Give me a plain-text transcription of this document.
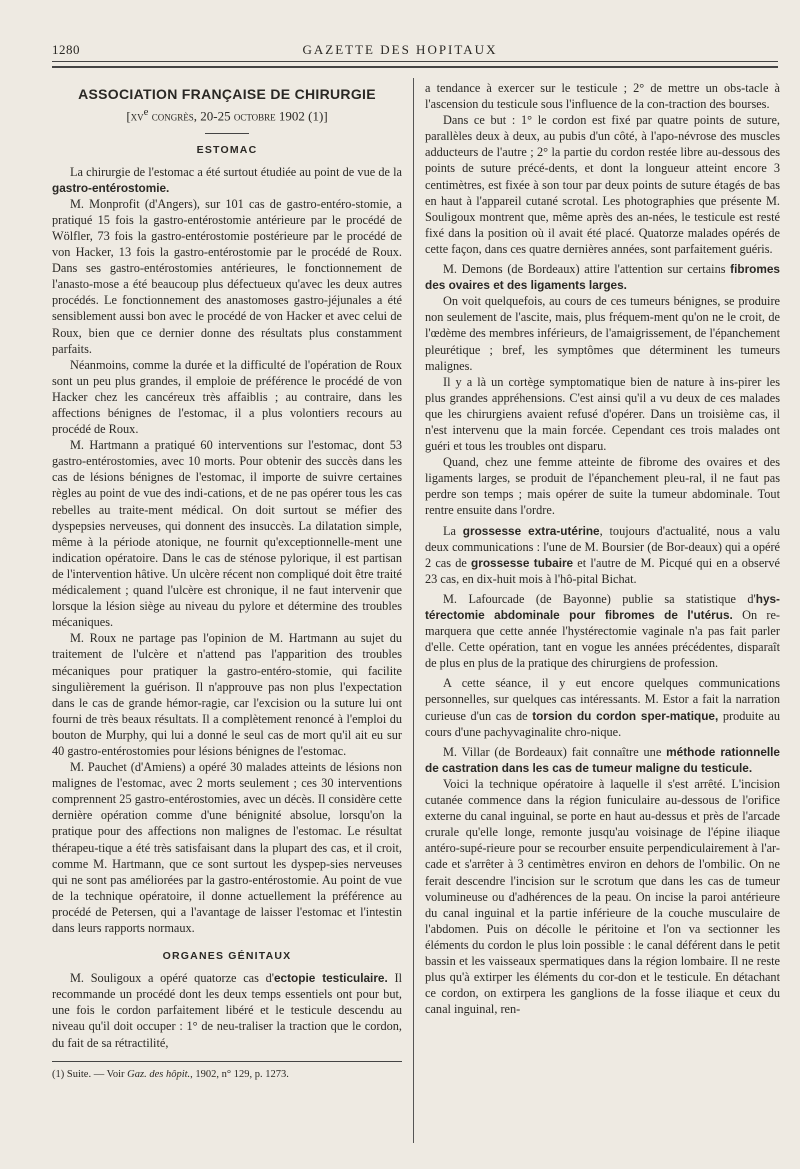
1280	GAZETTE DES HOPITAUX
ASSOCIATION FRANÇAISE DE CHIRURGIE
[$xv^e$ congrès, 20-25 octobre 1902 (1)]
ESTOMAC

La chirurgie de l'estomac a été surtout étudiée au point de vue de la gastro-entérostomie.

M. Monprofit (d'Angers), sur 101 cas de gastro-entéro-stomie, a pratiqué 15 fois la gastro-entérostomie antérieure par le procédé de Wölfler, 73 fois la gastro-entérostomie postérieure par le procédé de von Hacker, 13 fois la gastro-entérostomie par le procédé de Roux. Dans ses gastro-entérostomies antérieures, le fonctionnement de l'anasto-mose a été beaucoup plus défectueux qu'avec les deux autres procédés. Le fonctionnement des anastomoses gastro-jéjunales a été sensiblement aussi bon avec le procédé de von Hacker et avec celui de Roux, bien que ce dernier donne des résultats plus constamment parfaits.

Néanmoins, comme la durée et la difficulté de l'opération de Roux sont un peu plus grandes, il emploie de préférence le procédé de von Hacker chez les cancéreux très affaiblis ; au contraire, dans les affections bénignes de l'estomac, il a plus volontiers recours au procédé de Roux.

M. Hartmann a pratiqué 60 interventions sur l'estomac, dont 53 gastro-entérostomies, avec 10 morts. Pour obtenir des succès dans les cas de lésions bénignes de l'estomac, il importe de suivre certaines règles au point de vue des indi-cations, et de ne pas opérer tous les cas rebelles au traite-ment médical. On doit surtout se méfier des dyspepsies nerveuses, qui donnent des insuccès. La dilatation simple, même à la période atonique, ne fournit qu'exceptionnelle-ment une indication opératoire. Dans le cas de sténose pylorique, il est partisan de l'intervention hâtive. Un ulcère récent non compliqué doit être traité médicalement ; quand l'ulcère est chronique, il ne faut intervenir que lorsque la lésion siège au niveau du pylore et détermine des troubles mécaniques.

M. Roux ne partage pas l'opinion de M. Hartmann au sujet du traitement de l'ulcère et n'attend pas l'apparition des troubles mécaniques pour pratiquer la gastro-entéro-stomie, qui facilite singulièrement la guérison. Il n'approuve pas non plus l'expectation dans le cas de grande hémor-ragie, car l'excision ou la suture lui ont fourni de très beaux résultats. Il a complètement renoncé à l'emploi du bouton de Murphy, qui lui a donné le seul cas de mort qu'il ait eu sur 40 gastro-entérostomies pour lésions bénignes de l'estomac.

M. Pauchet (d'Amiens) a opéré 30 malades atteints de lésions non malignes de l'estomac, avec 2 morts seulement ; ces 30 interventions comprennent 25 gastro-entérostomies, avec un décès. Il considère cette dernière opération comme d'une bénignité absolue, lorsqu'on la pratique pour des affections non malignes de l'estomac. Le résultat thérapeu-tique a été très satisfaisant dans la plupart des cas, et il croit, comme M. Hartmann, que ce sont surtout les dyspep-sies nerveuses qui ne sont pas améliorées par la gastro-entérostomie. Au point de vue de la technique opératoire, il donne actuellement la préférence au procédé de Petersen, qui a l'avantage de laisser l'estomac et l'intestin dans leurs rapports normaux.

ORGANES GÉNITAUX

M. Souligoux a opéré quatorze cas d'ectopie testiculaire. Il recommande un procédé dont les deux temps essentiels ont pour but, une fois le cordon parfaitement libéré et le testicule descendu au niveau qu'il doit occuper : 1° de neu-traliser la traction que le cordon, du fait de sa rétractilité,

(1) Suite. — Voir Gaz. des hôpit., 1902, n° 129, p. 1273.

a tendance à exercer sur le testicule ; 2° de mettre un obs-tacle à l'ascension du testicule sous l'influence de la con-traction des bourses.

Dans ce but : 1° le cordon est fixé par quatre points de suture, parallèles deux à deux, au pubis d'un côté, à l'apo-névrose des muscles adducteurs de l'autre ; 2° la partie du cordon restée libre au-dessous des points de suture précé-dents, et dont la longueur atteint encore 3 centimètres, est fixée à son tour par deux points de suture étagés de bas en haut à l'appareil cutané scrotal. Les photographies que présente M. Souligoux montrent que, même après des an-nées, le testicule est resté fixé dans la position où il avait été placé. Quatorze malades opérés de cette façon, dans ces quatre dernières années, sont parfaitement guéris.

M. Demons (de Bordeaux) attire l'attention sur certains fibromes des ovaires et des ligaments larges.

On voit quelquefois, au cours de ces tumeurs bénignes, se produire non seulement de l'ascite, mais, plus fréquem-ment qu'on ne le croit, de l'œdème des membres inférieurs, de l'amaigrissement, de l'épanchement pleurétique ; bref, les symptômes que déterminent les tumeurs malignes.

Il y a là un cortège symptomatique bien de nature à ins-pirer les plus grandes appréhensions. C'est ainsi qu'il a vu deux de ces malades que les chirurgiens avaient refusé d'opérer. Dans un troisième cas, il n'est intervenu que la main forcée. Cependant ces trois malades ont guéri et tous les troubles ont disparu.

Quand, chez une femme atteinte de fibrome des ovaires et des ligaments larges, se produit de l'épanchement pleu-ral, il ne faut pas perdre son temps ; mais opérer de suite la tumeur abdominale. Tout rentre ensuite dans l'ordre.

La grossesse extra-utérine, toujours d'actualité, nous a valu deux communications : l'une de M. Boursier (de Bor-deaux) qui a opéré 2 cas de grossesse tubaire et l'autre de M. Picqué qui en a observé 23 cas, en dix-huit mois à l'hô-pital Bichat.

M. Lafourcade (de Bayonne) publie sa statistique d'hys-térectomie abdominale pour fibromes de l'utérus. On re-marquera que cette année l'hystérectomie vaginale n'a pas fait parler d'elle. Cette opération, tant en vogue les années précédentes, disparaît de plus en plus de la pratique des chirurgiens de profession.

A cette séance, il y eut encore quelques communications personnelles, sur quelques cas intéressants. M. Estor a fait la narration curieuse d'un cas de torsion du cordon sper-matique, produite au cours d'une pachyvaginalite chro-nique.

M. Villar (de Bordeaux) fait connaître une méthode rationnelle de castration dans les cas de tumeur maligne du testicule.

Voici la technique opératoire à laquelle il s'est arrêté. L'incision cutanée commence dans la région funiculaire au-dessous de l'orifice externe du canal inguinal, se porte en haut au-dessus et près de l'arcade crurale qu'elle longe, remonte jusqu'au voisinage de l'épine iliaque antéro-supé-rieure pour se recourber ensuite perpendiculairement à l'ar-cade et s'arrêter à 3 centimètres environ en dehors de l'ombilic. On ne ferait descendre l'incision sur le scrotum que dans les cas de tumeur volumineuse ou d'adhérences de la peau. On incise la paroi antérieure du canal inguinal et la partie inférieure de la couche musculaire de l'abdomen. Puis on décolle le péritoine et l'on va sectionner les éléments du cordon le plus loin possible : le canal déférent dans le petit bassin et les vaisseaux spermatiques dans la région lombaire. Il ne reste plus qu'à extirper les éléments du cor-don et le testicule. En détachant ce cordon, on extirpera les ganglions de la fosse iliaque et ceux du canal inguinal, ren-
